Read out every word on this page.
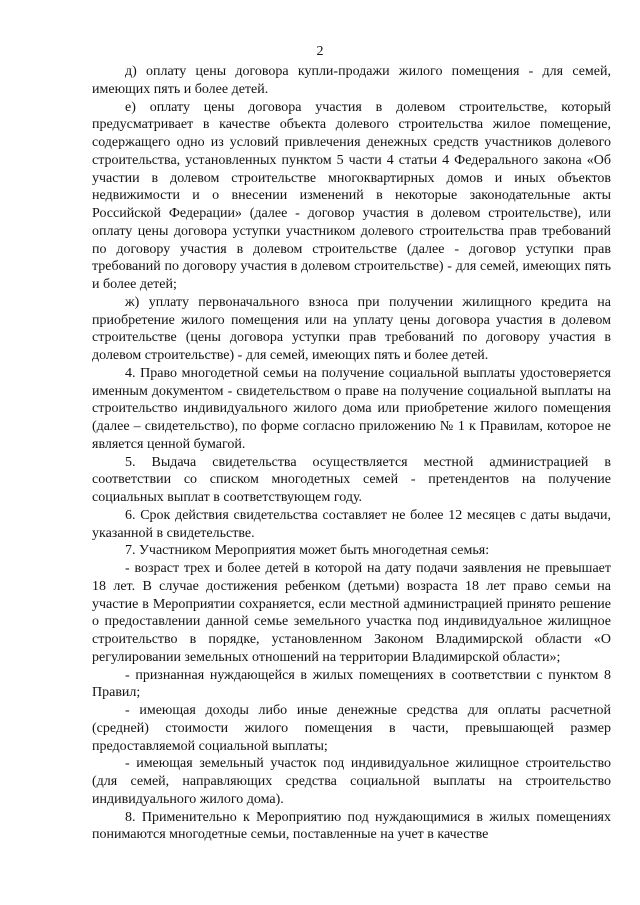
2

д) оплату цены договора купли-продажи жилого помещения - для семей, имеющих пять и более детей.

е) оплату цены договора участия в долевом строительстве, который предусматривает в качестве объекта долевого строительства жилое помещение, содержащего одно из условий привлечения денежных средств участников долевого строительства, установленных пунктом 5 части 4 статьи 4 Федерального закона «Об участии в долевом строительстве многоквартирных домов и иных объектов недвижимости и о внесении изменений в некоторые законодательные акты Российской Федерации» (далее - договор участия в долевом строительстве), или оплату цены договора уступки участником долевого строительства прав требований по договору участия в долевом строительстве (далее - договор уступки прав требований по договору участия в долевом строительстве) - для семей, имеющих пять и более детей;

ж) уплату первоначального взноса при получении жилищного кредита на приобретение жилого помещения или на уплату цены договора участия в долевом строительстве (цены договора уступки прав требований по договору участия в долевом строительстве) - для семей, имеющих пять и более детей.

4. Право многодетной семьи на получение социальной выплаты удостоверяется именным документом - свидетельством о праве на получение социальной выплаты на строительство индивидуального жилого дома или приобретение жилого помещения (далее – свидетельство), по форме согласно приложению № 1 к Правилам, которое не является ценной бумагой.

5. Выдача свидетельства осуществляется местной администрацией в соответствии со списком многодетных семей - претендентов на получение социальных выплат в соответствующем году.

6. Срок действия свидетельства составляет не более 12 месяцев с даты выдачи, указанной в свидетельстве.

7. Участником Мероприятия может быть многодетная семья:

- возраст трех и более детей в которой на дату подачи заявления не превышает 18 лет. В случае достижения ребенком (детьми) возраста 18 лет право семьи на участие в Мероприятии сохраняется, если местной администрацией принято решение о предоставлении данной семье земельного участка под индивидуальное жилищное строительство в порядке, установленном Законом Владимирской области «О регулировании земельных отношений на территории Владимирской области»;

- признанная нуждающейся в жилых помещениях в соответствии с пунктом 8 Правил;

- имеющая доходы либо иные денежные средства для оплаты расчетной (средней) стоимости жилого помещения в части, превышающей размер предоставляемой социальной выплаты;

- имеющая земельный участок под индивидуальное жилищное строительство (для семей, направляющих средства социальной выплаты на строительство индивидуального жилого дома).

8. Применительно к Мероприятию под нуждающимися в жилых помещениях понимаются многодетные семьи, поставленные на учет в качестве
